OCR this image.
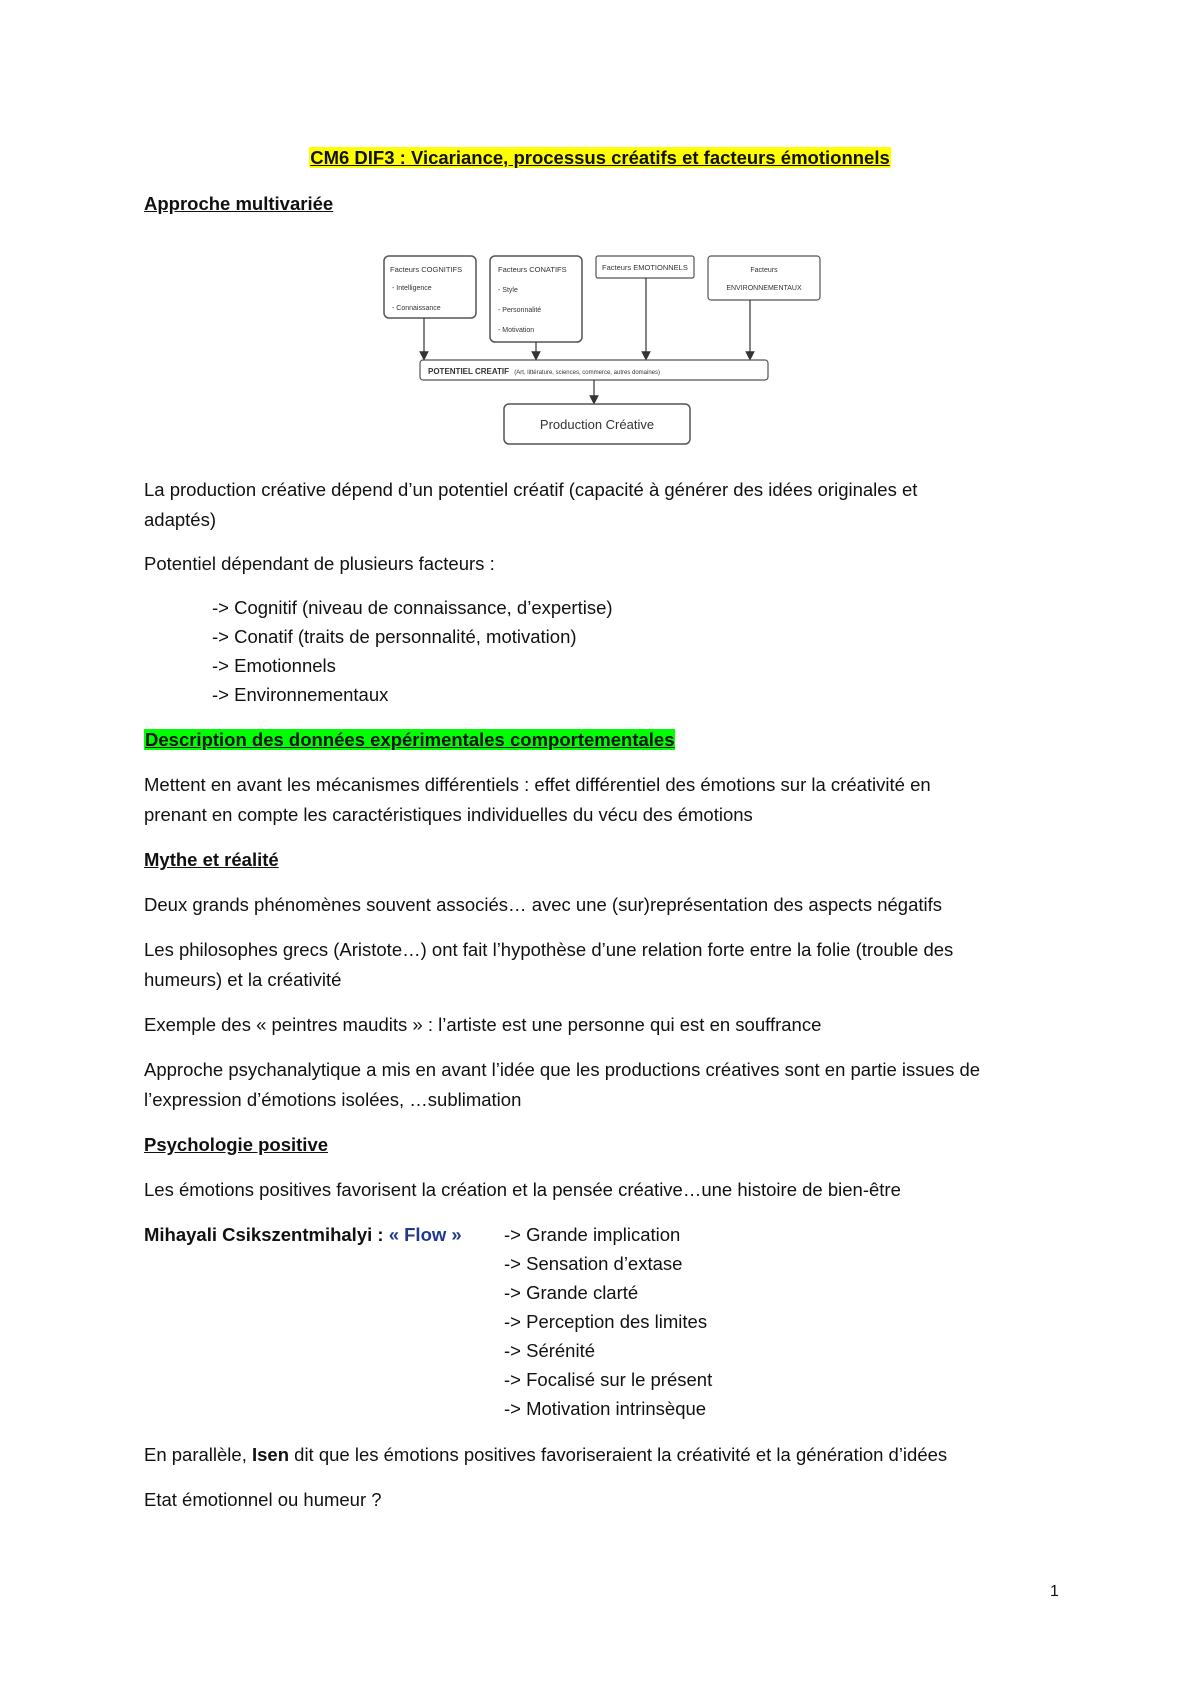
CM6 DIF3 : Vicariance, processus créatifs et facteurs émotionnels

Approche multivariée

Facteurs COGNITIFS
- Intelligence
- Connaissance
Facteurs CONATIFS
- Style
- Personnalité
- Motivation
Facteurs EMOTIONNELS	Facteurs
ENVIRONNEMENTAUX
POTENTIEL CREATIF (Art, littérature, sciences, commerce, autres domaines)
Production Créative

La production créative dépend d’un potentiel créatif (capacité à générer des idées originales et

adaptés)

Potentiel dépendant de plusieurs facteurs :

-> Cognitif (niveau de connaissance, d’expertise)

-> Conatif (traits de personnalité, motivation)

-> Emotionnels

-> Environnementaux

Description des données expérimentales comportementales

Mettent en avant les mécanismes différentiels : effet différentiel des émotions sur la créativité en

prenant en compte les caractéristiques individuelles du vécu des émotions

Mythe et réalité

Deux grands phénomènes souvent associés… avec une (sur)représentation des aspects négatifs

Les philosophes grecs (Aristote…) ont fait l’hypothèse d’une relation forte entre la folie (trouble des

humeurs) et la créativité

Exemple des « peintres maudits » : l’artiste est une personne qui est en souffrance

Approche psychanalytique a mis en avant l’idée que les productions créatives sont en partie issues de

l’expression d’émotions isolées, …sublimation

Psychologie positive

Les émotions positives favorisent la création et la pensée créative…une histoire de bien-être

Mihayali Csikszentmihalyi : « Flow » -> Grande implication

-> Sensation d’extase

-> Grande clarté

-> Perception des limites

-> Sérénité

-> Focalisé sur le présent

-> Motivation intrinsèque

En parallèle, Isen dit que les émotions positives favoriseraient la créativité et la génération d’idées

Etat émotionnel ou humeur ?

1
